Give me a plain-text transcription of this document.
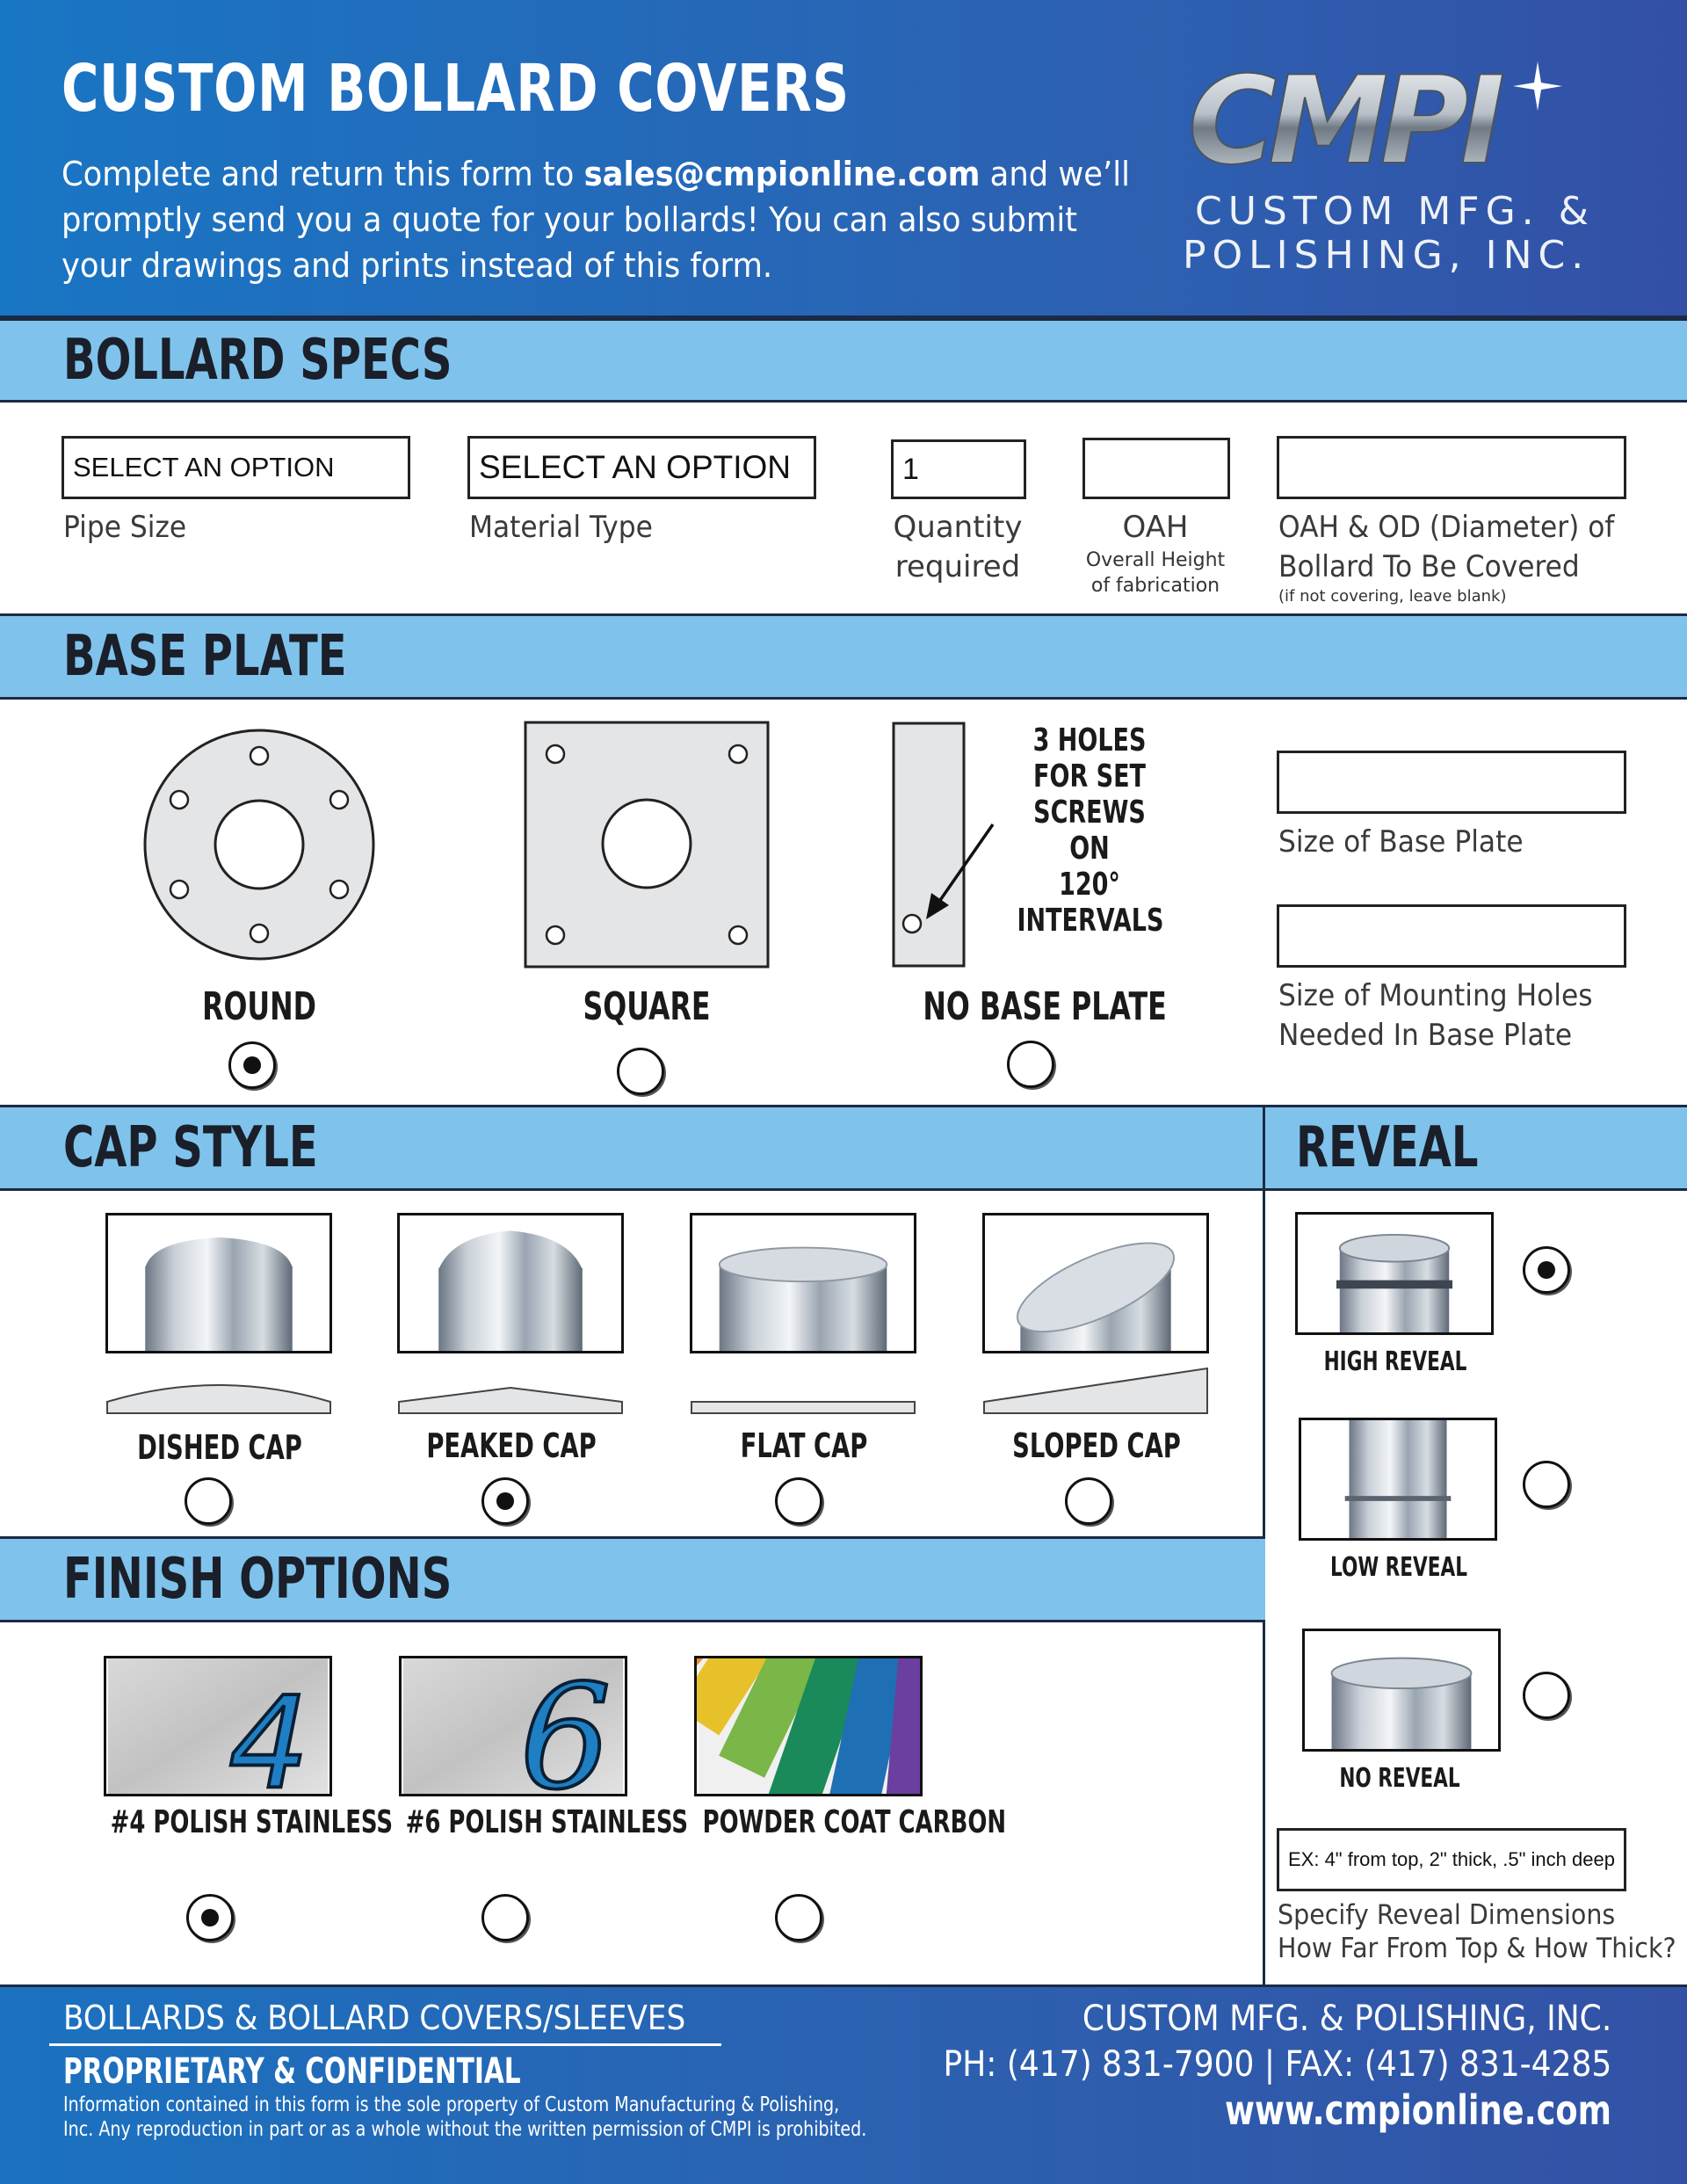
CUSTOM BOLLARD COVERS
Complete and return this form to sales@cmpionline.com and we’ll
promptly send you a quote for your bollards! You can also submit
your drawings and prints instead of this form.
CMPI
CUSTOM MFG. &
POLISHING, INC.
BOLLARD SPECS
SELECT AN OPTION
Pipe Size
SELECT AN OPTION
Material Type
1
Quantity
required
OAH
Overall Height
of fabrication
OAH & OD (Diameter) of
Bollard To Be Covered
(if not covering, leave blank)
BASE PLATE
ROUND	SQUARE
3 HOLES
FOR SET
SCREWS ON
120°
INTERVALS
NO BASE PLATE
Size of Base Plate
Size of Mounting Holes
Needed In Base Plate
CAP STYLE	REVEAL
DISHED CAP	PEAKED CAP	FLAT CAP	SLOPED CAP
HIGH REVEAL
LOW REVEAL
NO REVEAL
EX: 4" from top, 2" thick, .5" inch deep
Specify Reveal Dimensions
How Far From Top & How Thick?
FINISH OPTIONS
4 6
#4 POLISH STAINLESS #6 POLISH STAINLESS POWDER COAT CARBON
BOLLARDS & BOLLARD COVERS/SLEEVES
PROPRIETARY & CONFIDENTIAL
Information contained in this form is the sole property of Custom Manufacturing & Polishing,
Inc. Any reproduction in part or as a whole without the written permission of CMPI is prohibited.
CUSTOM MFG. & POLISHING, INC.
PH: (417) 831-7900 | FAX: (417) 831-4285
www.cmpionline.com
